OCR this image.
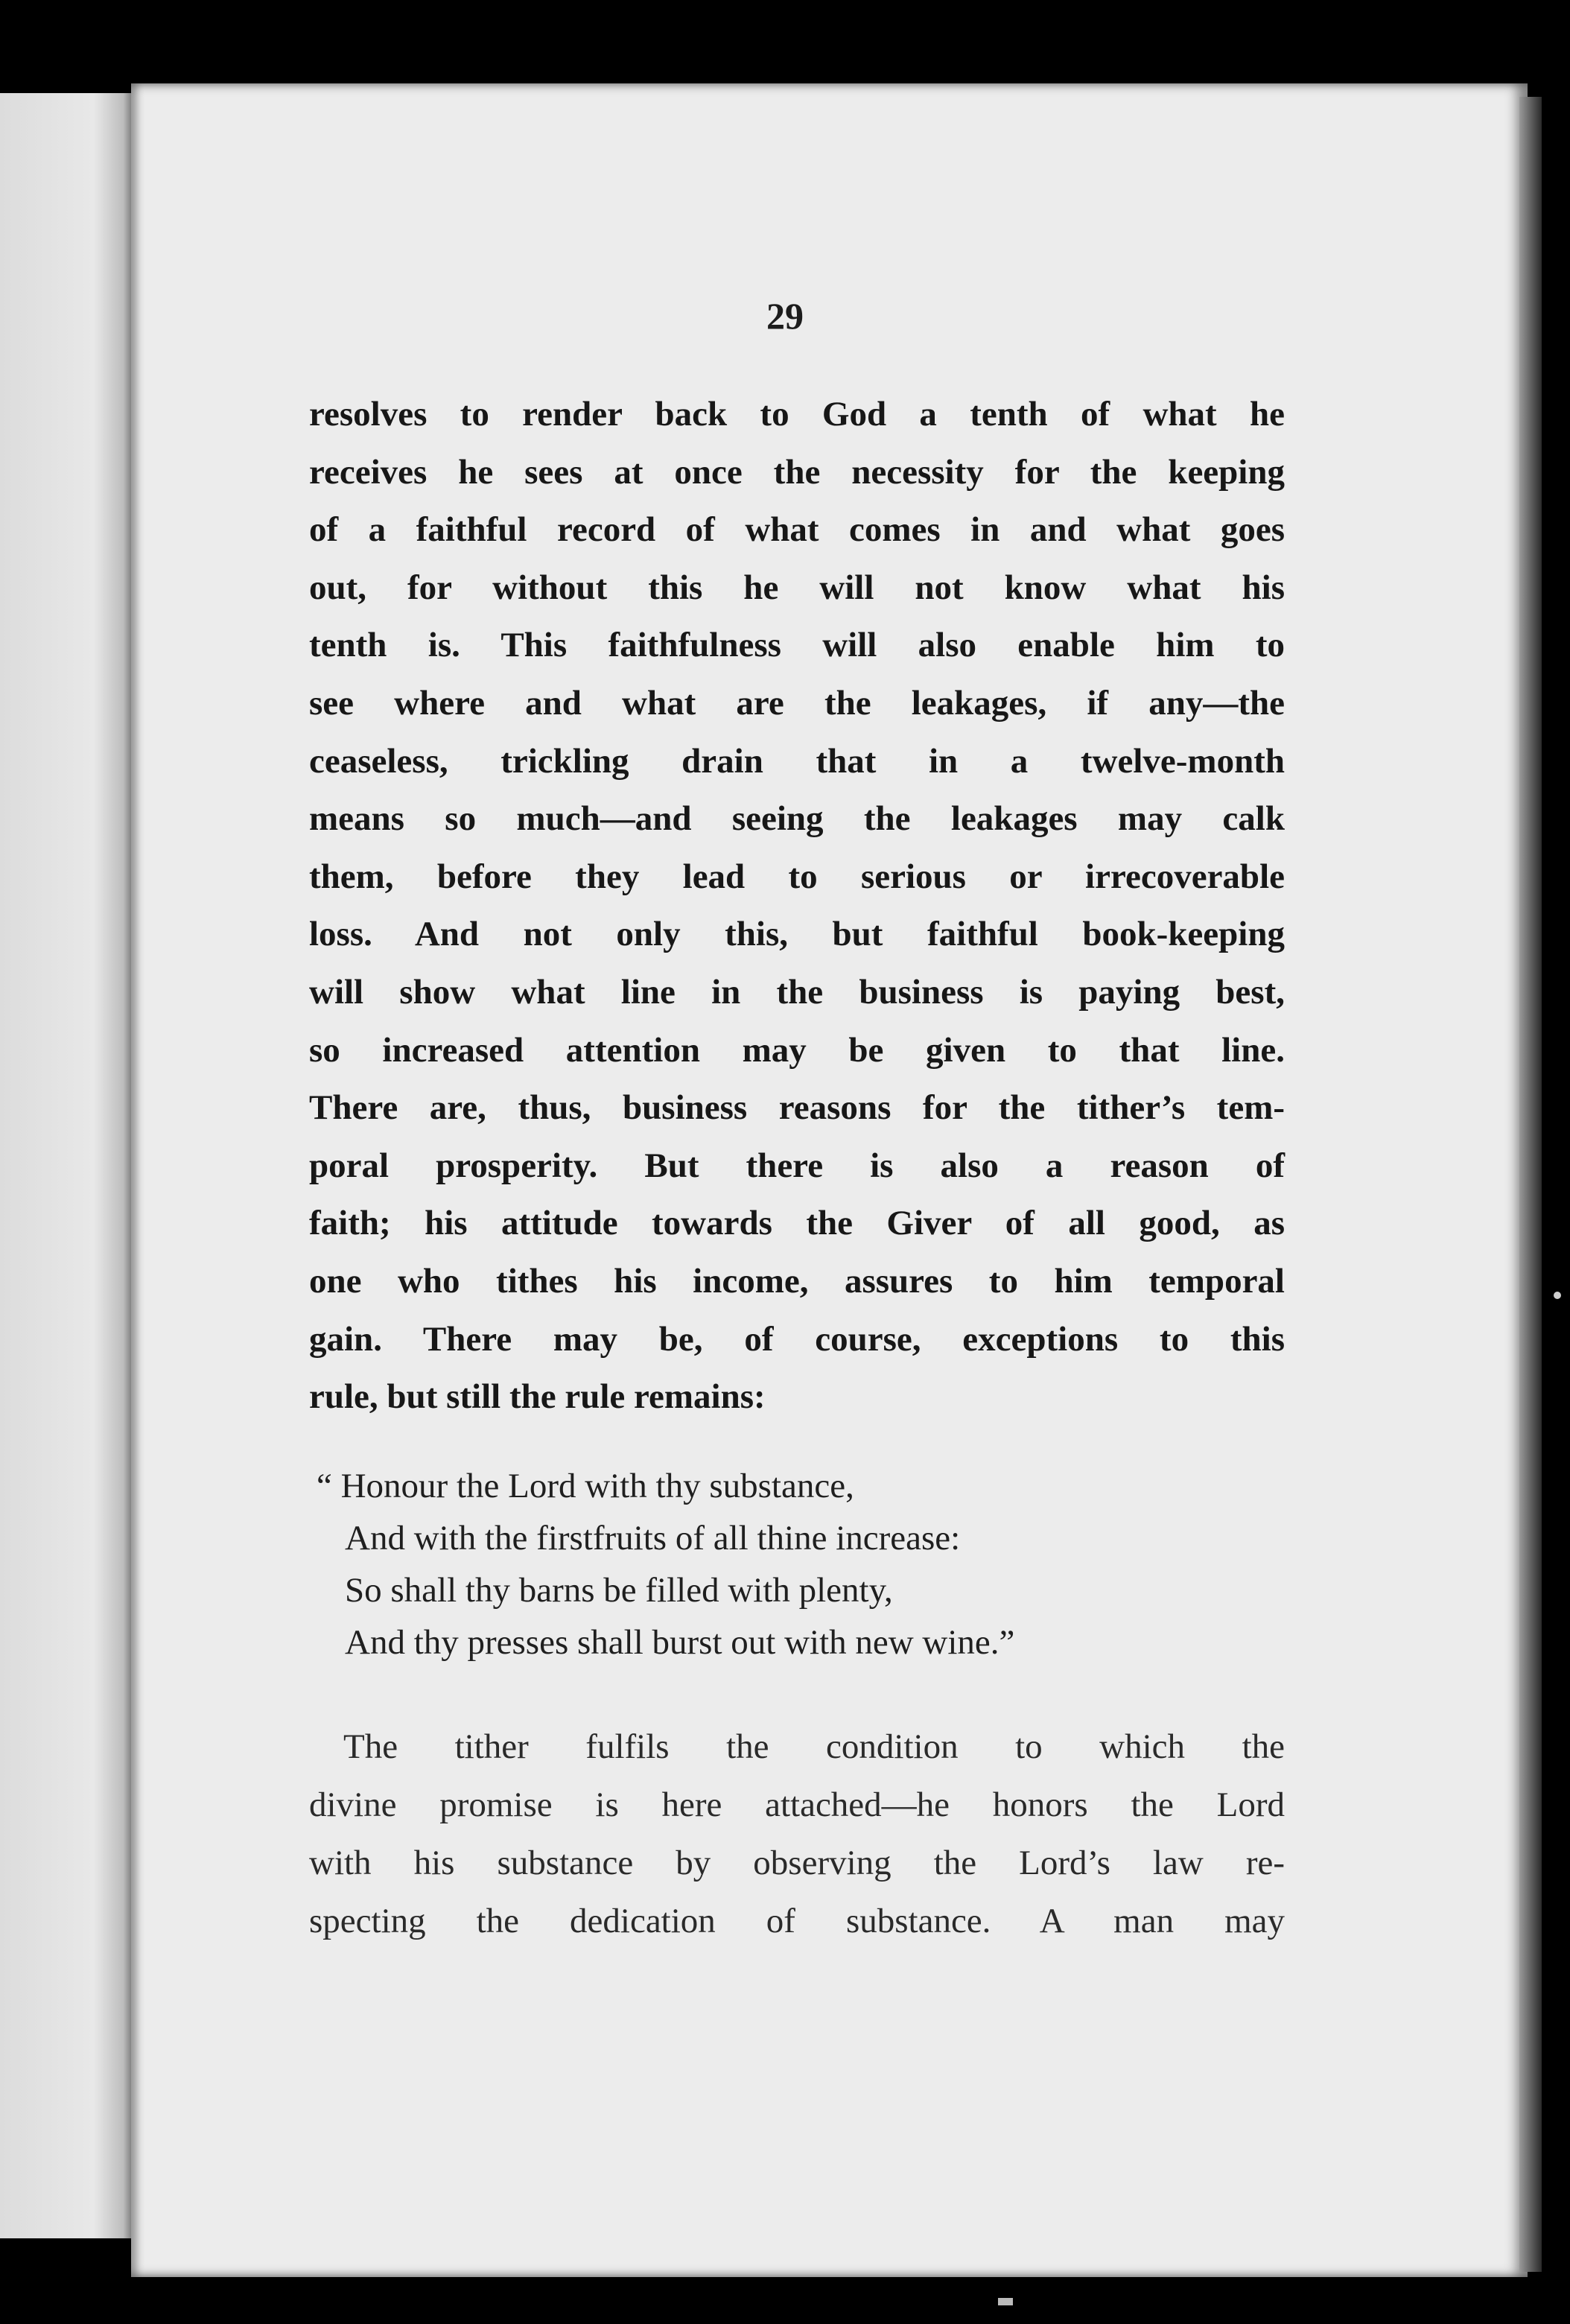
29
resolves to render back to God a tenth of what he
receives he sees at once the necessity for the keeping
of a faithful record of what comes in and what goes
out, for without this he will not know what his
tenth is. This faithfulness will also enable him to
see where and what are the leakages, if any—the
ceaseless, trickling drain that in a twelve-month
means so much—and seeing the leakages may calk
them, before they lead to serious or irrecoverable
loss. And not only this, but faithful book-keeping
will show what line in the business is paying best,
so increased attention may be given to that line.
There are, thus, business reasons for the tither’s tem-
poral prosperity. But there is also a reason of
faith; his attitude towards the Giver of all good, as
one who tithes his income, assures to him temporal
gain. There may be, of course, exceptions to this
rule, but still the rule remains:
“ Honour the Lord with thy substance,
And with the firstfruits of all thine increase:
So shall thy barns be filled with plenty,
And thy presses shall burst out with new wine.”
The tither fulfils the condition to which the
divine promise is here attached—he honors the Lord
with his substance by observing the Lord’s law re-
specting the dedication of substance. A man may
